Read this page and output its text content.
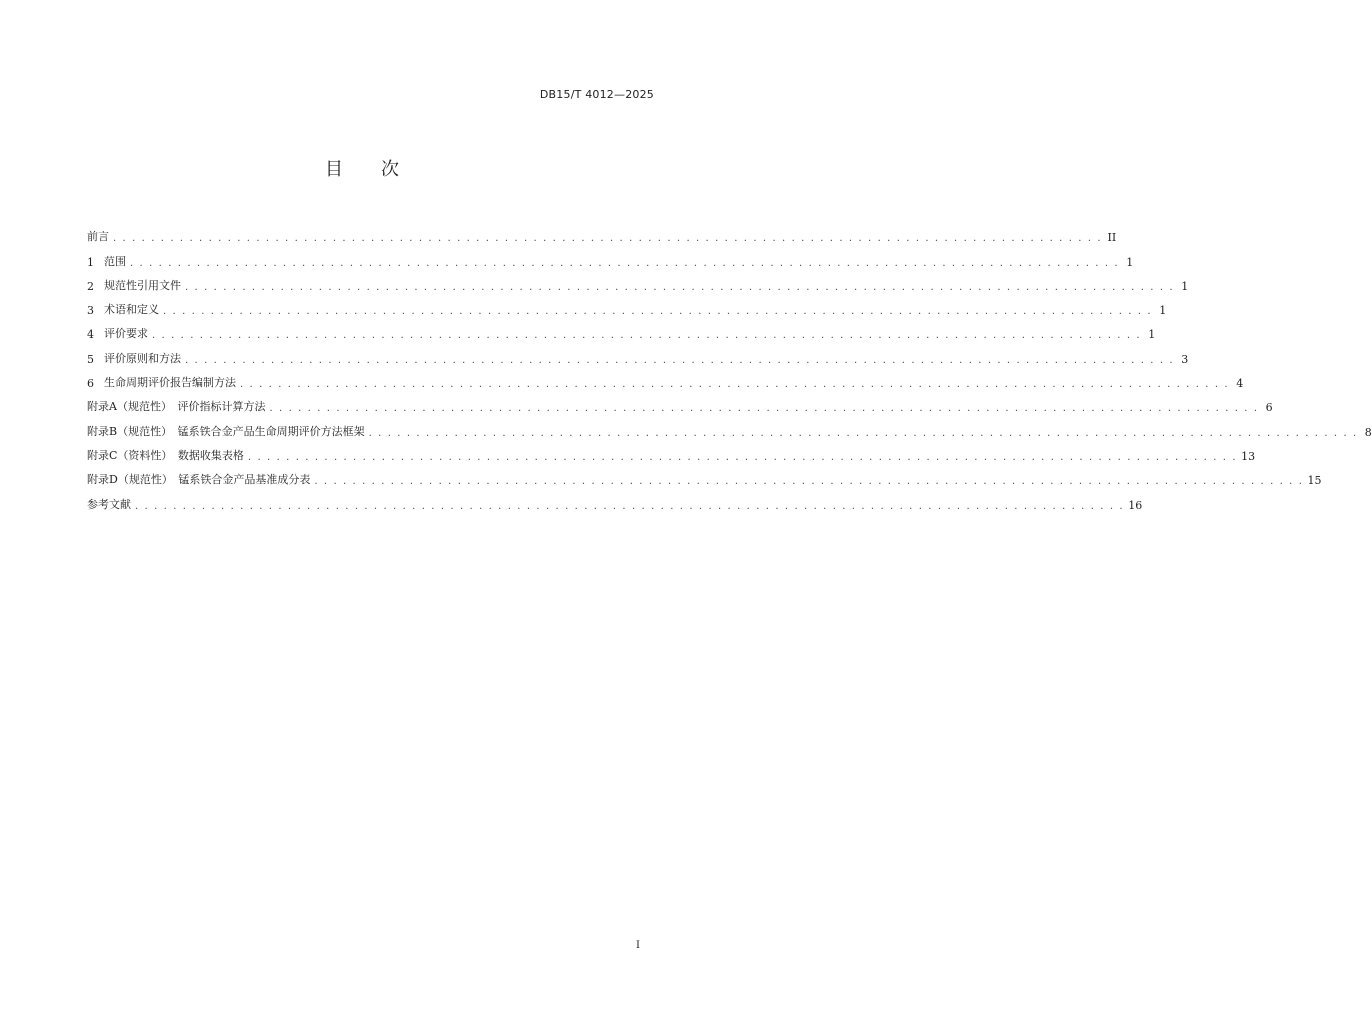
DB15/T 4012—2025
目 次
前言 . . . . . . . . . . . . . . . . . . . . . . . . . . . . . . . . . . . . . . . . . . . . . . . . . . . . . . . . . . . . . . . . . . . . . . . . . . . . . . . . . . . . . . . . . . . . . . . . . . . . . . . . II
1 范围 . . . . . . . . . . . . . . . . . . . . . . . . . . . . . . . . . . . . . . . . . . . . . . . . . . . . . . . . . . . . . . . . . . . . . . . . . . . . . . . . . . . . . . . . . . . . . . . . . . . . . . . . 1
2 规范性引用文件 . . . . . . . . . . . . . . . . . . . . . . . . . . . . . . . . . . . . . . . . . . . . . . . . . . . . . . . . . . . . . . . . . . . . . . . . . . . . . . . . . . . . . . . . . . . . . . . . . . . . . . . . 1
3 术语和定义 . . . . . . . . . . . . . . . . . . . . . . . . . . . . . . . . . . . . . . . . . . . . . . . . . . . . . . . . . . . . . . . . . . . . . . . . . . . . . . . . . . . . . . . . . . . . . . . . . . . . . . . . 1
4 评价要求 . . . . . . . . . . . . . . . . . . . . . . . . . . . . . . . . . . . . . . . . . . . . . . . . . . . . . . . . . . . . . . . . . . . . . . . . . . . . . . . . . . . . . . . . . . . . . . . . . . . . . . . . 1
5 评价原则和方法 . . . . . . . . . . . . . . . . . . . . . . . . . . . . . . . . . . . . . . . . . . . . . . . . . . . . . . . . . . . . . . . . . . . . . . . . . . . . . . . . . . . . . . . . . . . . . . . . . . . . . . . . 3
6 生命周期评价报告编制方法 . . . . . . . . . . . . . . . . . . . . . . . . . . . . . . . . . . . . . . . . . . . . . . . . . . . . . . . . . . . . . . . . . . . . . . . . . . . . . . . . . . . . . . . . . . . . . . . . . . . . . . . . 4
附录A（规范性）　评价指标计算方法 . . . . . . . . . . . . . . . . . . . . . . . . . . . . . . . . . . . . . . . . . . . . . . . . . . . . . . . . . . . . . . . . . . . . . . . . . . . . . . . . . . . . . . . . . . . . . . . . . . . . . . . . 6
附录B（规范性）　锰系铁合金产品生命周期评价方法框架 . . . . . . . . . . . . . . . . . . . . . . . . . . . . . . . . . . . . . . . . . . . . . . . . . . . . . . . . . . . . . . . . . . . . . . . . . . . . . . . . . . . . . . . . . . . . . . . . . . . . . . . . 8
附录C（资料性）　数据收集表格 . . . . . . . . . . . . . . . . . . . . . . . . . . . . . . . . . . . . . . . . . . . . . . . . . . . . . . . . . . . . . . . . . . . . . . . . . . . . . . . . . . . . . . . . . . . . . . . . . . . . . . . . 13
附录D（规范性）　锰系铁合金产品基准成分表 . . . . . . . . . . . . . . . . . . . . . . . . . . . . . . . . . . . . . . . . . . . . . . . . . . . . . . . . . . . . . . . . . . . . . . . . . . . . . . . . . . . . . . . . . . . . . . . . . . . . . . . . 15
参考文献 . . . . . . . . . . . . . . . . . . . . . . . . . . . . . . . . . . . . . . . . . . . . . . . . . . . . . . . . . . . . . . . . . . . . . . . . . . . . . . . . . . . . . . . . . . . . . . . . . . . . . . . . 16
I
